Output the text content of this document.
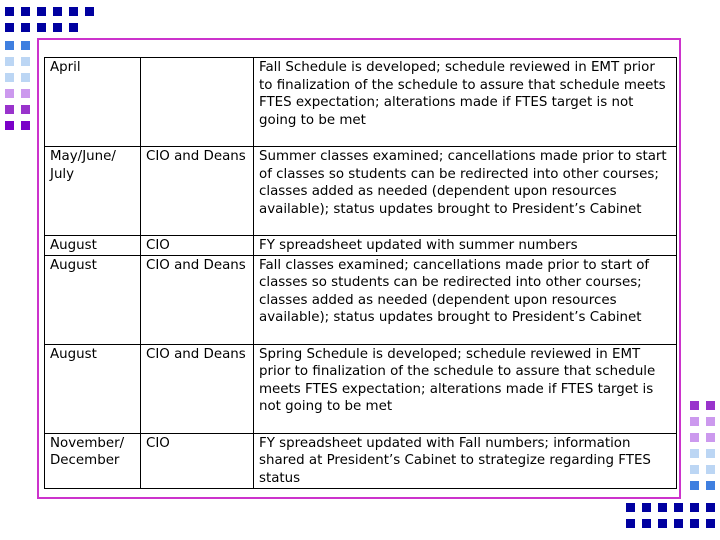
April		Fall Schedule is developed; schedule reviewed in EMT prior to finalization of the schedule to assure that schedule meets FTES expectation; alterations made if FTES target is not going to be met
May/June/ July	CIO and Deans	Summer classes examined; cancellations made prior to start of classes so students can be redirected into other courses; classes added as needed (dependent upon resources available); status updates brought to President’s Cabinet
August	CIO	FY spreadsheet updated with summer numbers
August	CIO and Deans	Fall classes examined; cancellations made prior to start of classes so students can be redirected into other courses; classes added as needed (dependent upon resources available); status updates brought to President’s Cabinet
August	CIO and Deans	Spring Schedule is developed; schedule reviewed in EMT prior to finalization of the schedule to assure that schedule meets FTES expectation; alterations made if FTES target is not going to be met
November/ December	CIO	FY spreadsheet updated with Fall numbers; information shared at President’s Cabinet to strategize regarding FTES status
